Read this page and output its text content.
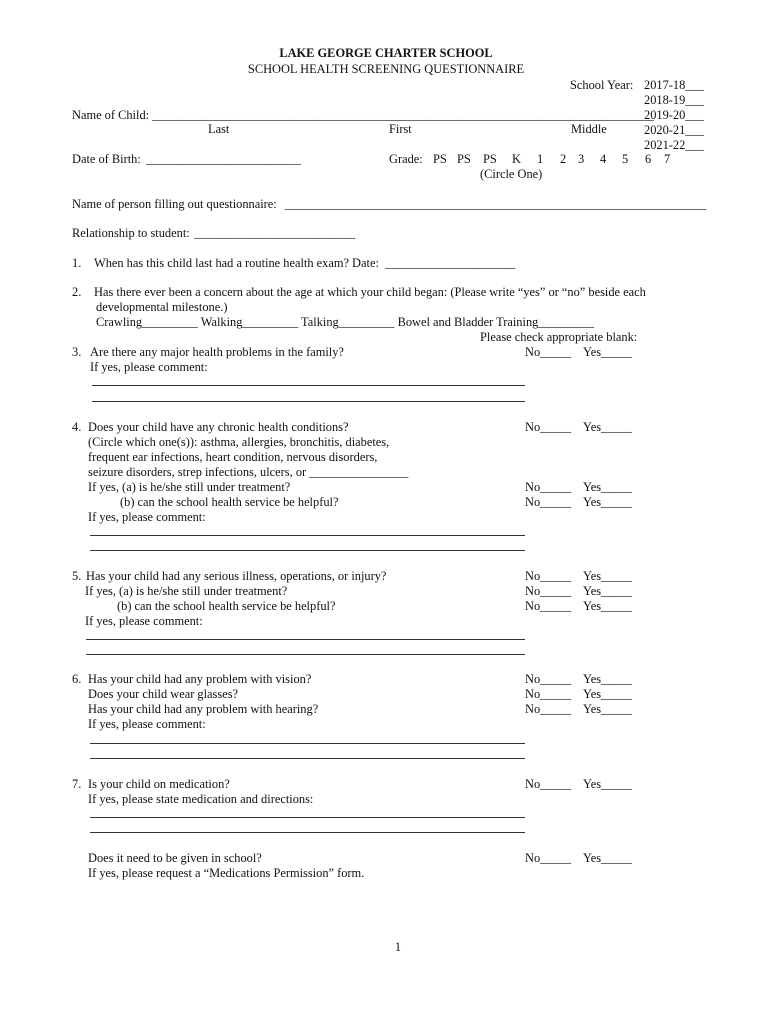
LAKE GEORGE CHARTER SCHOOL
SCHOOL HEALTH SCREENING QUESTIONNAIRE
School Year: 2017-18___
2018-19___
2019-20___
2020-21___
2021-22___
Name of Child: _________________________________________________________________________________
Last	First	Middle
Date of Birth: _________________________	Grade: PS PS PS K 1 2 3 4 5 6 7
(Circle One)
Name of person filling out questionnaire: ____________________________________________________________________
Relationship to student: __________________________
1. When has this child last had a routine health exam? Date: _____________________
2. Has there ever been a concern about the age at which your child began: (Please write “yes” or “no” beside each
developmental milestone.)
Crawling_________ Walking_________ Talking_________ Bowel and Bladder Training_________
Please check appropriate blank:
3. Are there any major health problems in the family?	No_____ Yes_____
If yes, please comment:
4. Does your child have any chronic health conditions?	No_____ Yes_____
(Circle which one(s)): asthma, allergies, bronchitis, diabetes,
frequent ear infections, heart condition, nervous disorders,
seizure disorders, strep infections, ulcers, or ________________
If yes, (a) is he/she still under treatment?	No_____ Yes_____
(b) can the school health service be helpful?	No_____ Yes_____
If yes, please comment:
5. Has your child had any serious illness, operations, or injury?	No_____ Yes_____
If yes, (a) is he/she still under treatment?	No_____ Yes_____
(b) can the school health service be helpful?	No_____ Yes_____
If yes, please comment:
6. Has your child had any problem with vision?	No_____ Yes_____
Does your child wear glasses?	No_____ Yes_____
Has your child had any problem with hearing?	No_____ Yes_____
If yes, please comment:
7. Is your child on medication?	No_____ Yes_____
If yes, please state medication and directions:
Does it need to be given in school?	No_____ Yes_____
If yes, please request a “Medications Permission” form.
1
